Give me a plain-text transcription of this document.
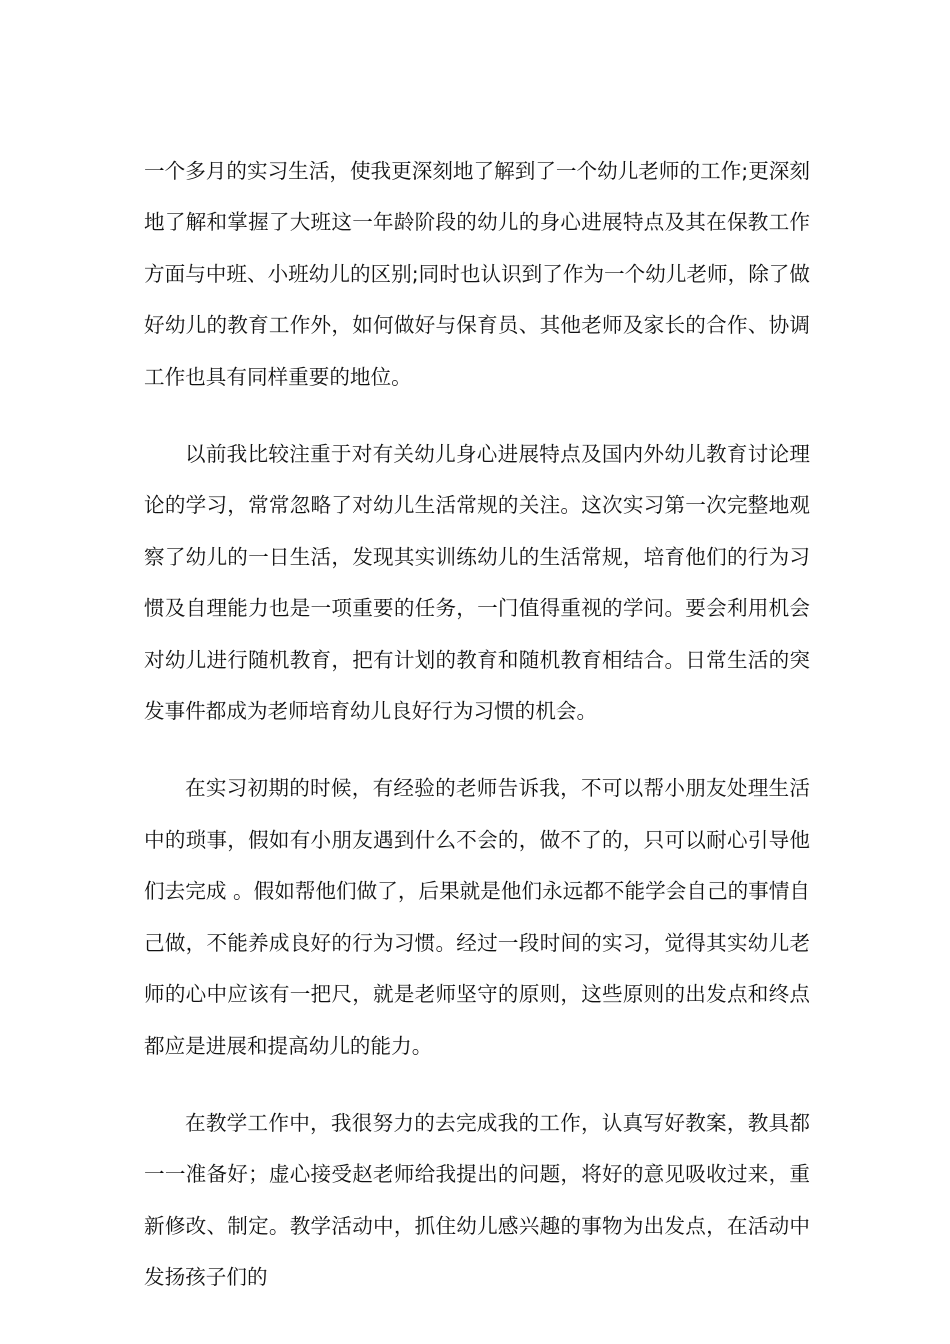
一个多月的实习生活，使我更深刻地了解到了一个幼儿老师的工作;更深刻地了解和掌握了大班这一年龄阶段的幼儿的身心进展特点及其在保教工作方面与中班、小班幼儿的区别;同时也认识到了作为一个幼儿老师，除了做好幼儿的教育工作外，如何做好与保育员、其他老师及家长的合作、协调工作也具有同样重要的地位。

以前我比较注重于对有关幼儿身心进展特点及国内外幼儿教育讨论理论的学习，常常忽略了对幼儿生活常规的关注。这次实习第一次完整地观察了幼儿的一日生活，发现其实训练幼儿的生活常规，培育他们的行为习惯及自理能力也是一项重要的任务，一门值得重视的学问。要会利用机会对幼儿进行随机教育，把有计划的教育和随机教育相结合。日常生活的突发事件都成为老师培育幼儿良好行为习惯的机会。

在实习初期的时候，有经验的老师告诉我，不可以帮小朋友处理生活中的琐事，假如有小朋友遇到什么不会的，做不了的，只可以耐心引导他们去完成 。假如帮他们做了，后果就是他们永远都不能学会自己的事情自己做，不能养成良好的行为习惯。经过一段时间的实习，觉得其实幼儿老师的心中应该有一把尺，就是老师坚守的原则，这些原则的出发点和终点都应是进展和提高幼儿的能力。

在教学工作中，我很努力的去完成我的工作，认真写好教案，教具都一一准备好；虚心接受赵老师给我提出的问题，将好的意见吸收过来，重新修改、制定。教学活动中，抓住幼儿感兴趣的事物为出发点，在活动中发扬孩子们的
